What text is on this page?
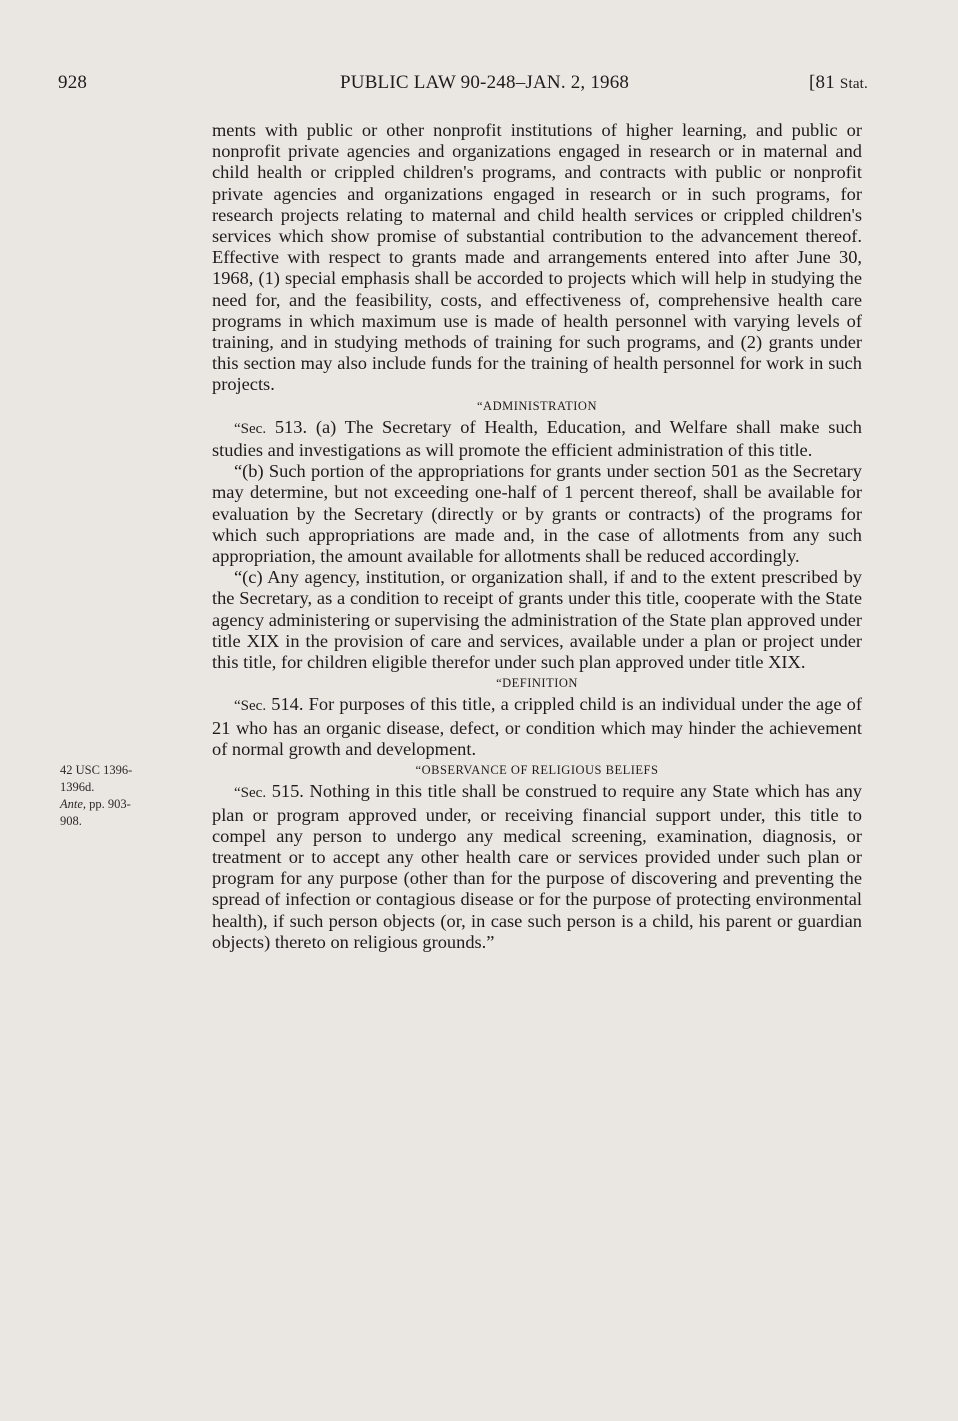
928	PUBLIC LAW 90-248–JAN. 2, 1968	[81 Stat.
42 USC 1396-
1396d.
Ante, pp. 903-
908.

ments with public or other nonprofit institutions of higher learning, and public or nonprofit private agencies and organizations engaged in research or in maternal and child health or crippled children's programs, and contracts with public or nonprofit private agencies and organizations engaged in research or in such programs, for research projects relating to maternal and child health services or crippled children's services which show promise of substantial contribution to the advancement thereof. Effective with respect to grants made and arrangements entered into after June 30, 1968, (1) special emphasis shall be accorded to projects which will help in studying the need for, and the feasibility, costs, and effectiveness of, comprehensive health care programs in which maximum use is made of health personnel with varying levels of training, and in studying methods of training for such programs, and (2) grants under this section may also include funds for the training of health personnel for work in such projects.

“ADMINISTRATION

“Sec. 513. (a) The Secretary of Health, Education, and Welfare shall make such studies and investigations as will promote the efficient administration of this title.

“(b) Such portion of the appropriations for grants under section 501 as the Secretary may determine, but not exceeding one-half of 1 percent thereof, shall be available for evaluation by the Secretary (directly or by grants or contracts) of the programs for which such appropriations are made and, in the case of allotments from any such appropriation, the amount available for allotments shall be reduced accordingly.

“(c) Any agency, institution, or organization shall, if and to the extent prescribed by the Secretary, as a condition to receipt of grants under this title, cooperate with the State agency administering or supervising the administration of the State plan approved under title XIX in the provision of care and services, available under a plan or project under this title, for children eligible therefor under such plan approved under title XIX.

“DEFINITION

“Sec. 514. For purposes of this title, a crippled child is an individual under the age of 21 who has an organic disease, defect, or condition which may hinder the achievement of normal growth and development.

“OBSERVANCE OF RELIGIOUS BELIEFS

“Sec. 515. Nothing in this title shall be construed to require any State which has any plan or program approved under, or receiving financial support under, this title to compel any person to undergo any medical screening, examination, diagnosis, or treatment or to accept any other health care or services provided under such plan or program for any purpose (other than for the purpose of discovering and preventing the spread of infection or contagious disease or for the purpose of protecting environmental health), if such person objects (or, in case such person is a child, his parent or guardian objects) thereto on religious grounds.”
